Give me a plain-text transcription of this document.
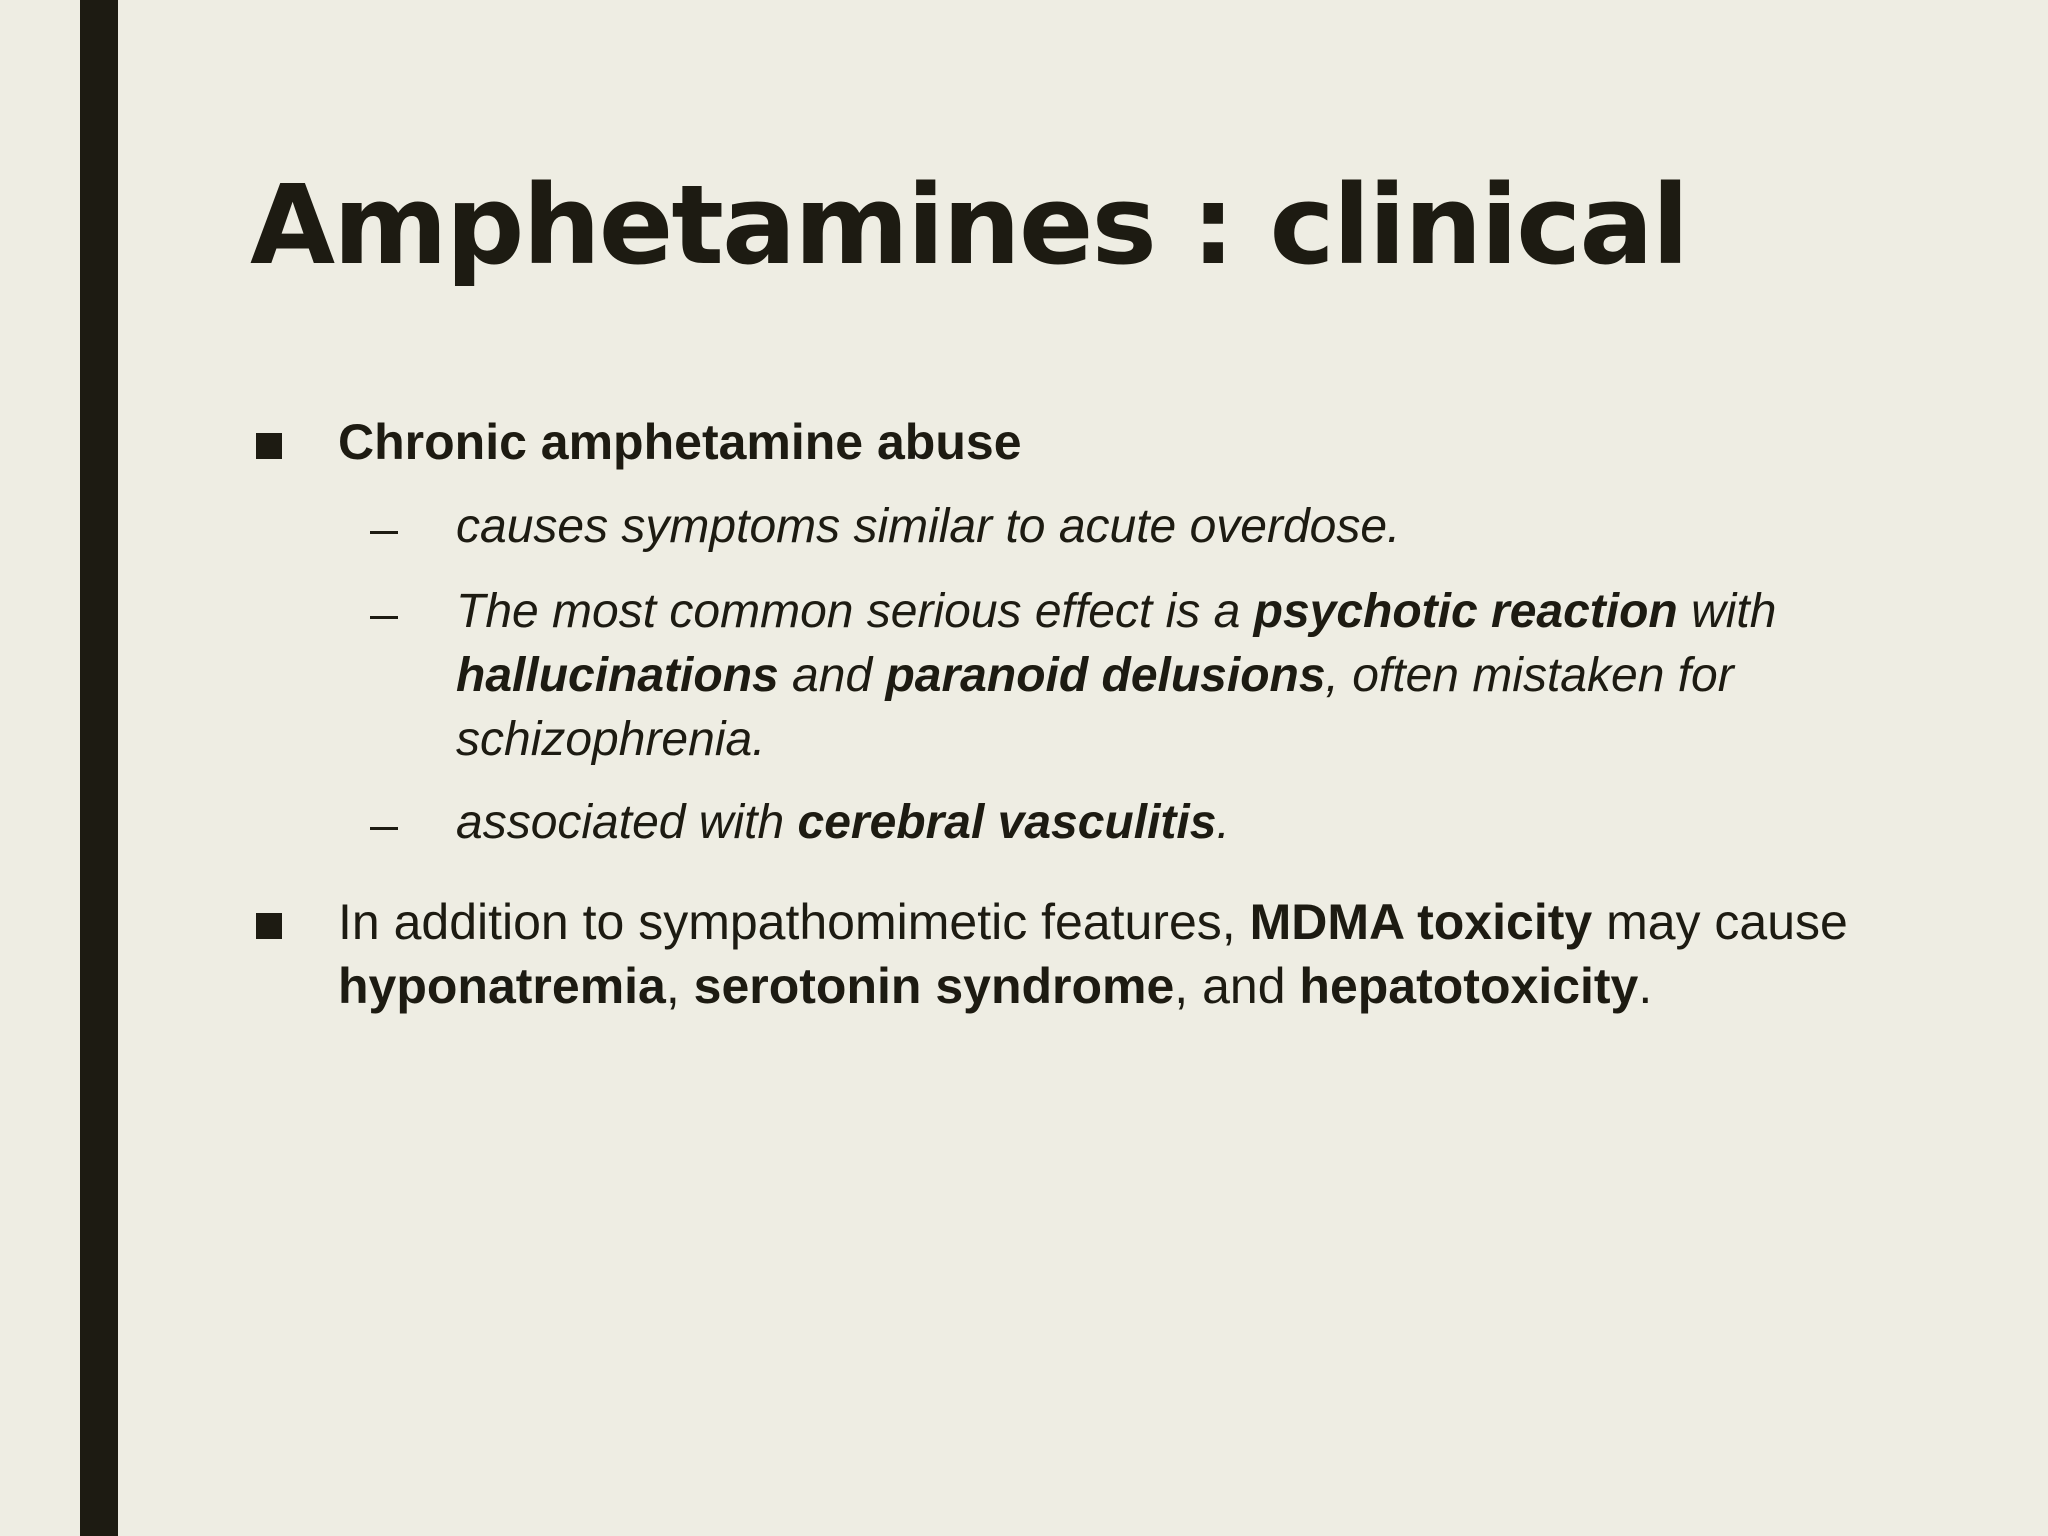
Amphetamines : clinical
Chronic amphetamine abuse
causes symptoms similar to acute overdose.
The most common serious effect is a psychotic reaction with hallucinations and paranoid delusions, often mistaken for schizophrenia.
associated with cerebral vasculitis.
In addition to sympathomimetic features, MDMA toxicity may cause hyponatremia, serotonin syndrome, and hepatotoxicity.
